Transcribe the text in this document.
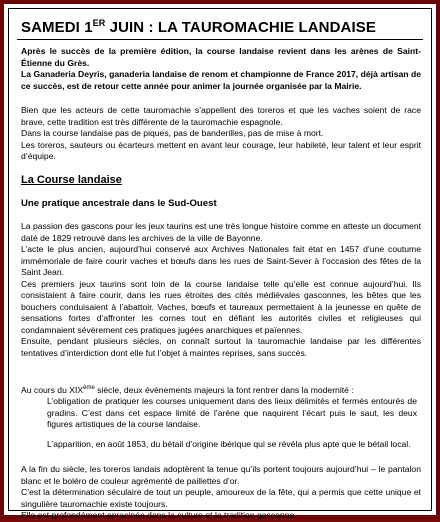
SAMEDI 1ER JUIN : LA TAUROMACHIE LANDAISE

Après le succès de la première édition, la course landaise revient dans les arènes de Saint-Étienne du Grès.

La Ganaderia Deyris, ganaderia landaise de renom et championne de France 2017, déjà artisan de ce succès, est de retour cette année pour animer la journée organisée par la Mairie.

Bien que les acteurs de cette tauromachie s’appellent des toreros et que les vaches soient de race brave, cette tradition est très différente de la tauromachie espagnole.

Dans la course landaise pas de piques, pas de banderilles, pas de mise à mort.

Les toreros, sauteurs ou écarteurs mettent en avant leur courage, leur habileté, leur talent et leur esprit d’équipe.

La Course landaise
Une pratique ancestrale dans le Sud-Ouest

La passion des gascons pour les jeux taurins est une très longue histoire comme en atteste un document daté de 1829 retrouvé dans les archives de la ville de Bayonne.

L’acte le plus ancien, aujourd’hui conservé aux Archives Nationales fait état en 1457 d’une coutume immémoriale de faire courir vaches et bœufs dans les rues de Saint-Sever à l’occasion des fêtes de la Saint Jean.

Ces premiers jeux taurins sont loin de la course landaise telle qu’elle est connue aujourd’hui. Ils consistaient à faire courir, dans les rues étroites des cités médiévales gasconnes, les bêtes que les bouchers conduisaient à l’abattoir. Vaches, bœufs et taureaux permettaient à la jeunesse en quête de sensations fortes d’affronter les cornes tout en défiant les autorités civiles et religieuses qui condamnaient sévèrement ces pratiques jugées anarchiques et païennes.

Ensuite, pendant plusieurs siècles, on connaît surtout la tauromachie landaise par les différentes tentatives d’interdiction dont elle fut l’objet à maintes reprises, sans succès.

Au cours du XIXème siècle, deux événements majeurs la font rentrer dans la modernité :
L’obligation de pratiquer les courses uniquement dans des lieux délimités et fermés entourés de gradins. C’est dans cet espace limité de l’arène que naquirent l’écart puis le saut, les deux figures artistiques de la course landaise.
L’apparition, en août 1853, du bétail d’origine ibérique qui se révéla plus apte que le bétail local.

A la fin du siècle, les toreros landais adoptèrent la tenue qu’ils portent toujours aujourd’hui – le pantalon blanc et le boléro de couleur agrémenté de paillettes d’or.

C’est la détermination séculaire de tout un peuple, amoureux de la fête, qui a permis que cette unique et singulière tauromachie existe toujours.

Elle est profondément enracinée dans la culture et la tradition gasconne.
